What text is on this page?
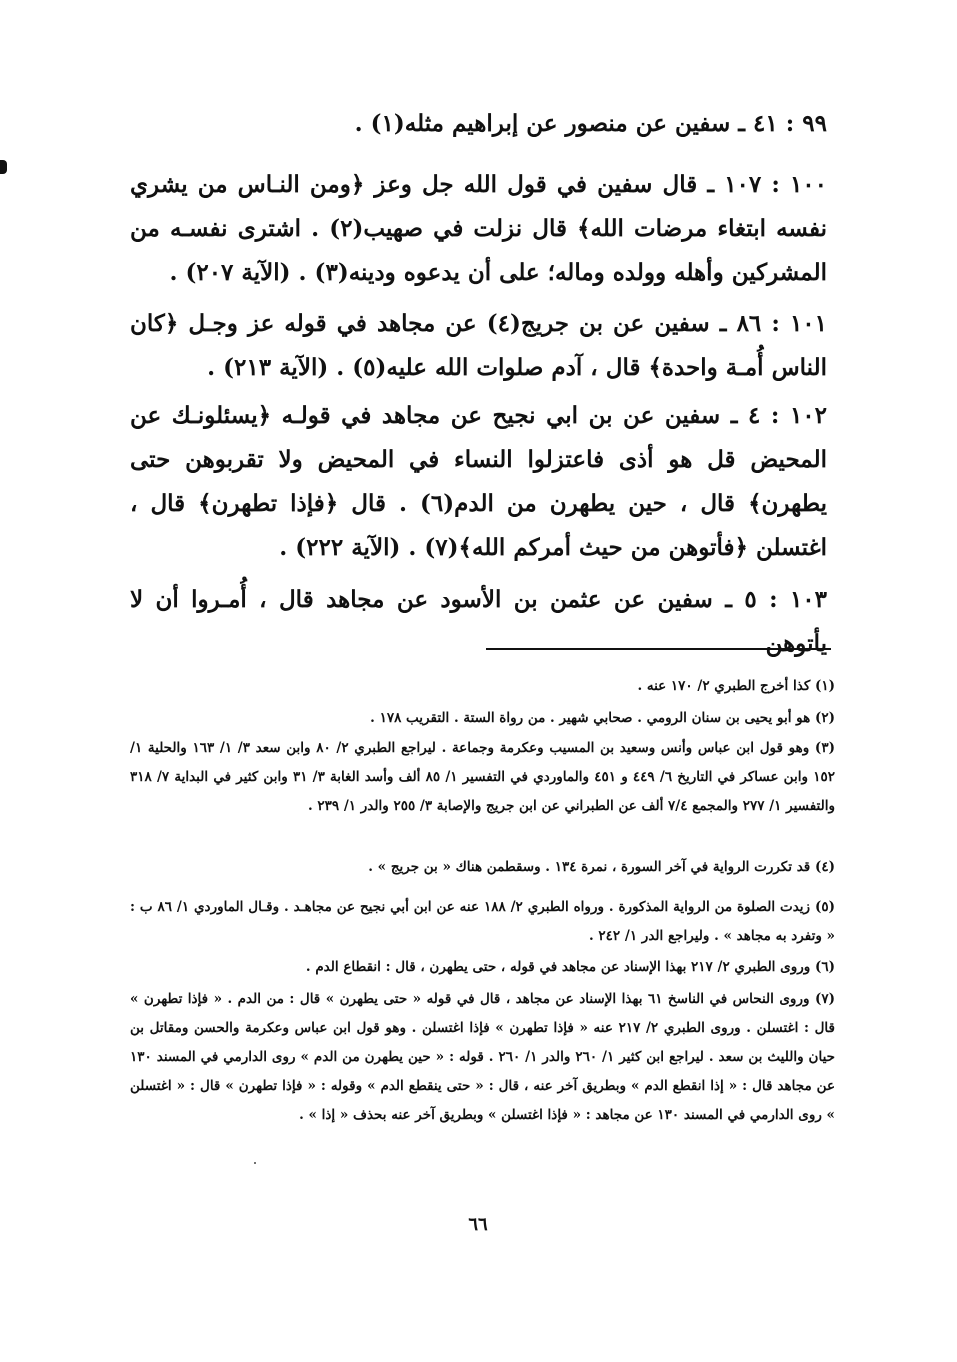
٩٩ : ٤١ ـ سفين عن منصور عن إبراهيم مثله(١) .

١٠٠ : ١٠٧ ـ قال سفين في قول الله جل وعز ﴿ومن النـاس من يشري نفسه ابتغاء مرضات الله﴾ قال نزلت في صهيب(٢) . اشترى نفسـه من المشركين وأهله وولده وماله؛ على أن يدعوه ودينه(٣) . (الآية ٢٠٧) .

١٠١ : ٨٦ ـ سفين عن بن جريج(٤) عن مجاهد في قوله عز وجـل ﴿كان الناس أُمـة واحدة﴾ قال ، آدم صلوات الله عليه(٥) . (الآية ٢١٣) .

١٠٢ : ٤ ـ سفين عن بن ابي نجيح عن مجاهد في قولـه ﴿يسئلونـك عن المحيض قل هو أذى فاعتزلوا النساء في المحيض ولا تقربوهن حتى يطهرن﴾ قال ، حين يطهرن من الدم(٦) . قال ﴿فإذا تطهرن﴾ قال ، اغتسلن ﴿فأتوهن من حيث أمركم الله﴾(٧) . (الآية ٢٢٢) .

١٠٣ : ٥ ـ سفين عن عثمن بن الأسود عن مجاهد قال ، أُمـروا أن لا يأتوهن

(١) كذا أخرج الطبري ٢/ ١٧٠ عنه .

(٢) هو أبو يحيى بن سنان الرومي . صحابي شهير . من رواة الستة . التقريب ١٧٨ .

(٣) وهو قول ابن عباس وأنس وسعيد بن المسيب وعكرمة وجماعة . ليراجع الطبري ٢/ ٨٠ وابن سعد ٣/ ١/ ١٦٣ والحلية ١/ ١٥٢ وابن عساكر في التاريخ ٦/ ٤٤٩ و ٤٥١ والماوردي في التفسير ١/ ٨٥ ألف وأسد الغابة ٣/ ٣١ وابن كثير في البداية ٧/ ٣١٨ والتفسير ١/ ٢٧٧ والمجمع ٧/٤ ألف عن الطبراني عن ابن جريج والإصابة ٣/ ٢٥٥ والدر ١/ ٢٣٩ .

(٤) قد تكررت الرواية في آخر السورة ، نمرة ١٣٤ . وسقطمن هناك « بن جريج » .

(٥) زيدت الصلوة من الرواية المذكورة . ورواه الطبري ٢/ ١٨٨ عنه عن ابن أبي نجيح عن مجاهـد . وقـال الماوردي ١/ ٨٦ ب : « وتفرد به مجاهد » . وليراجع الدر ١/ ٢٤٢ .

(٦) وروى الطبري ٢/ ٢١٧ بهذا الإسناد عن مجاهد في قوله ، حتى يطهرن ، قال : انقطاع الدم .

(٧) وروى النحاس في الناسخ ٦١ بهذا الإسناد عن مجاهد ، قال في قوله « حتى يطهرن » قال : من الدم . « فإذا تطهرن » قال : اغتسلن . وروى الطبري ٢/ ٢١٧ عنه « فإذا تطهرن » فإذا اغتسلن . وهو قول ابن عباس وعكرمة والحسن ومقاتل بن حيان والليث بن سعد . ليراجع ابن كثير ١/ ٢٦٠ والدر ١/ ٢٦٠ . قوله : « حين يطهرن من الدم » روى الدارمي في المسند ١٣٠ عن مجاهد قال : « إذا انقطع الدم » وبطريق آخر عنه ، قال : « حتى ينقطع الدم » وقوله : « فإذا تطهرن » قال : « اغتسلن » روى الدارمي في المسند ١٣٠ عن مجاهد : « فإذا اغتسلن » وبطريق آخر عنه بحذف « إذا » .

٦٦
